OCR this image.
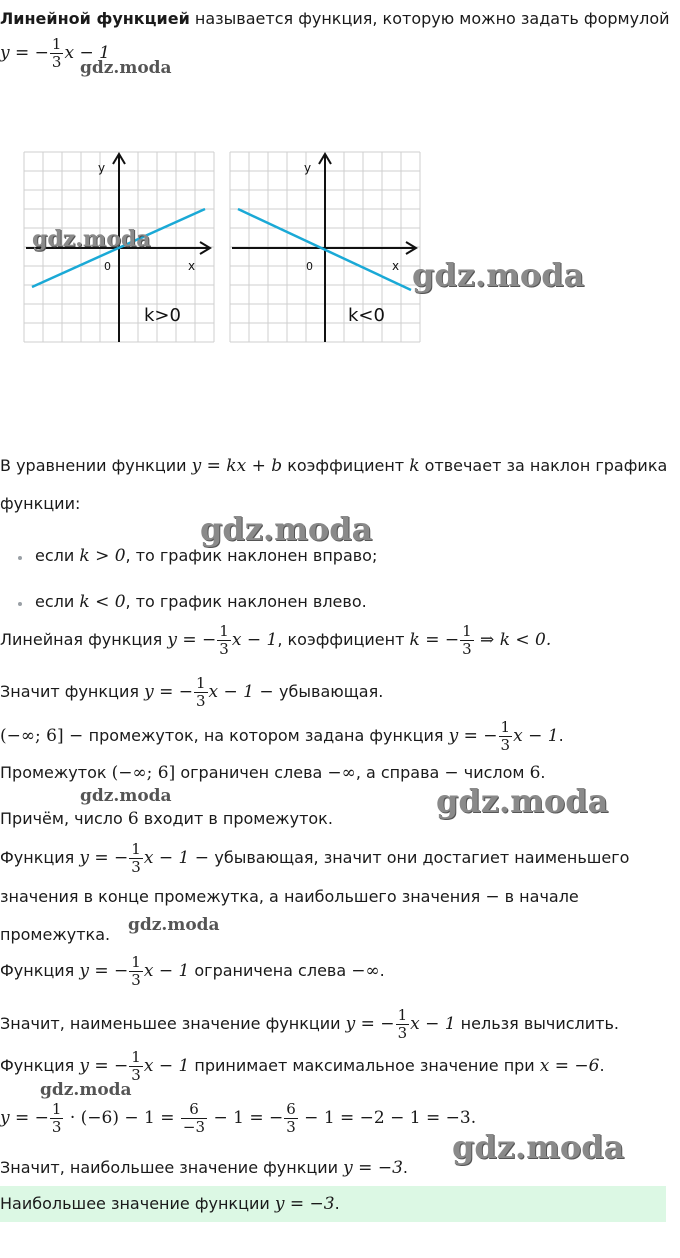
Линейной функцией называется функция, которую можно задать формулой
y = − $\frac{1}{3}$ x − 1
gdz.moda
y
x
0
k>0
y
x
0
k<0
gdz.moda
gdz.moda
В уравнении функции y = kx + b коэффициент k отвечает за наклон графика
функции:
gdz.moda
если k > 0, то график наклонен вправо;
если k < 0, то график наклонен влево.
Линейная функция y = − $\frac{1}{3}$ x − 1, коэффициент k = − $\frac{1}{3}$ ⇒ k < 0.
Значит функция y = − $\frac{1}{3}$ x − 1 − убывающая.
(−∞; 6] − промежуток, на котором задана функция y = − $\frac{1}{3}$ x − 1.
Промежуток (−∞; 6] ограничен слева −∞, а справа − числом 6.
gdz.moda	gdz.moda
Причём, число 6 входит в промежуток.
Функция y = − $\frac{1}{3}$ x − 1 − убывающая, значит они достагиет наименьшего
значения в конце промежутка, а наибольшего значения − в начале
промежутка. gdz.moda
Функция y = − $\frac{1}{3}$ x − 1 ограничена слева −∞.
Значит, наименьшее значение функции y = − $\frac{1}{3}$ x − 1 нельзя вычислить.
Функция y = − $\frac{1}{3}$ x − 1 принимает максимальное значение при x = −6.
gdz.moda
y = − $\frac{1}{3} \cdot (-6) - 1 = \frac{6}{-3} - 1$ = − $\frac{6}{3} - 1 = -2 - 1 = -3$.
gdz.moda
Значит, наибольшее значение функции y = −3.
Наибольшее значение функции y = −3.
